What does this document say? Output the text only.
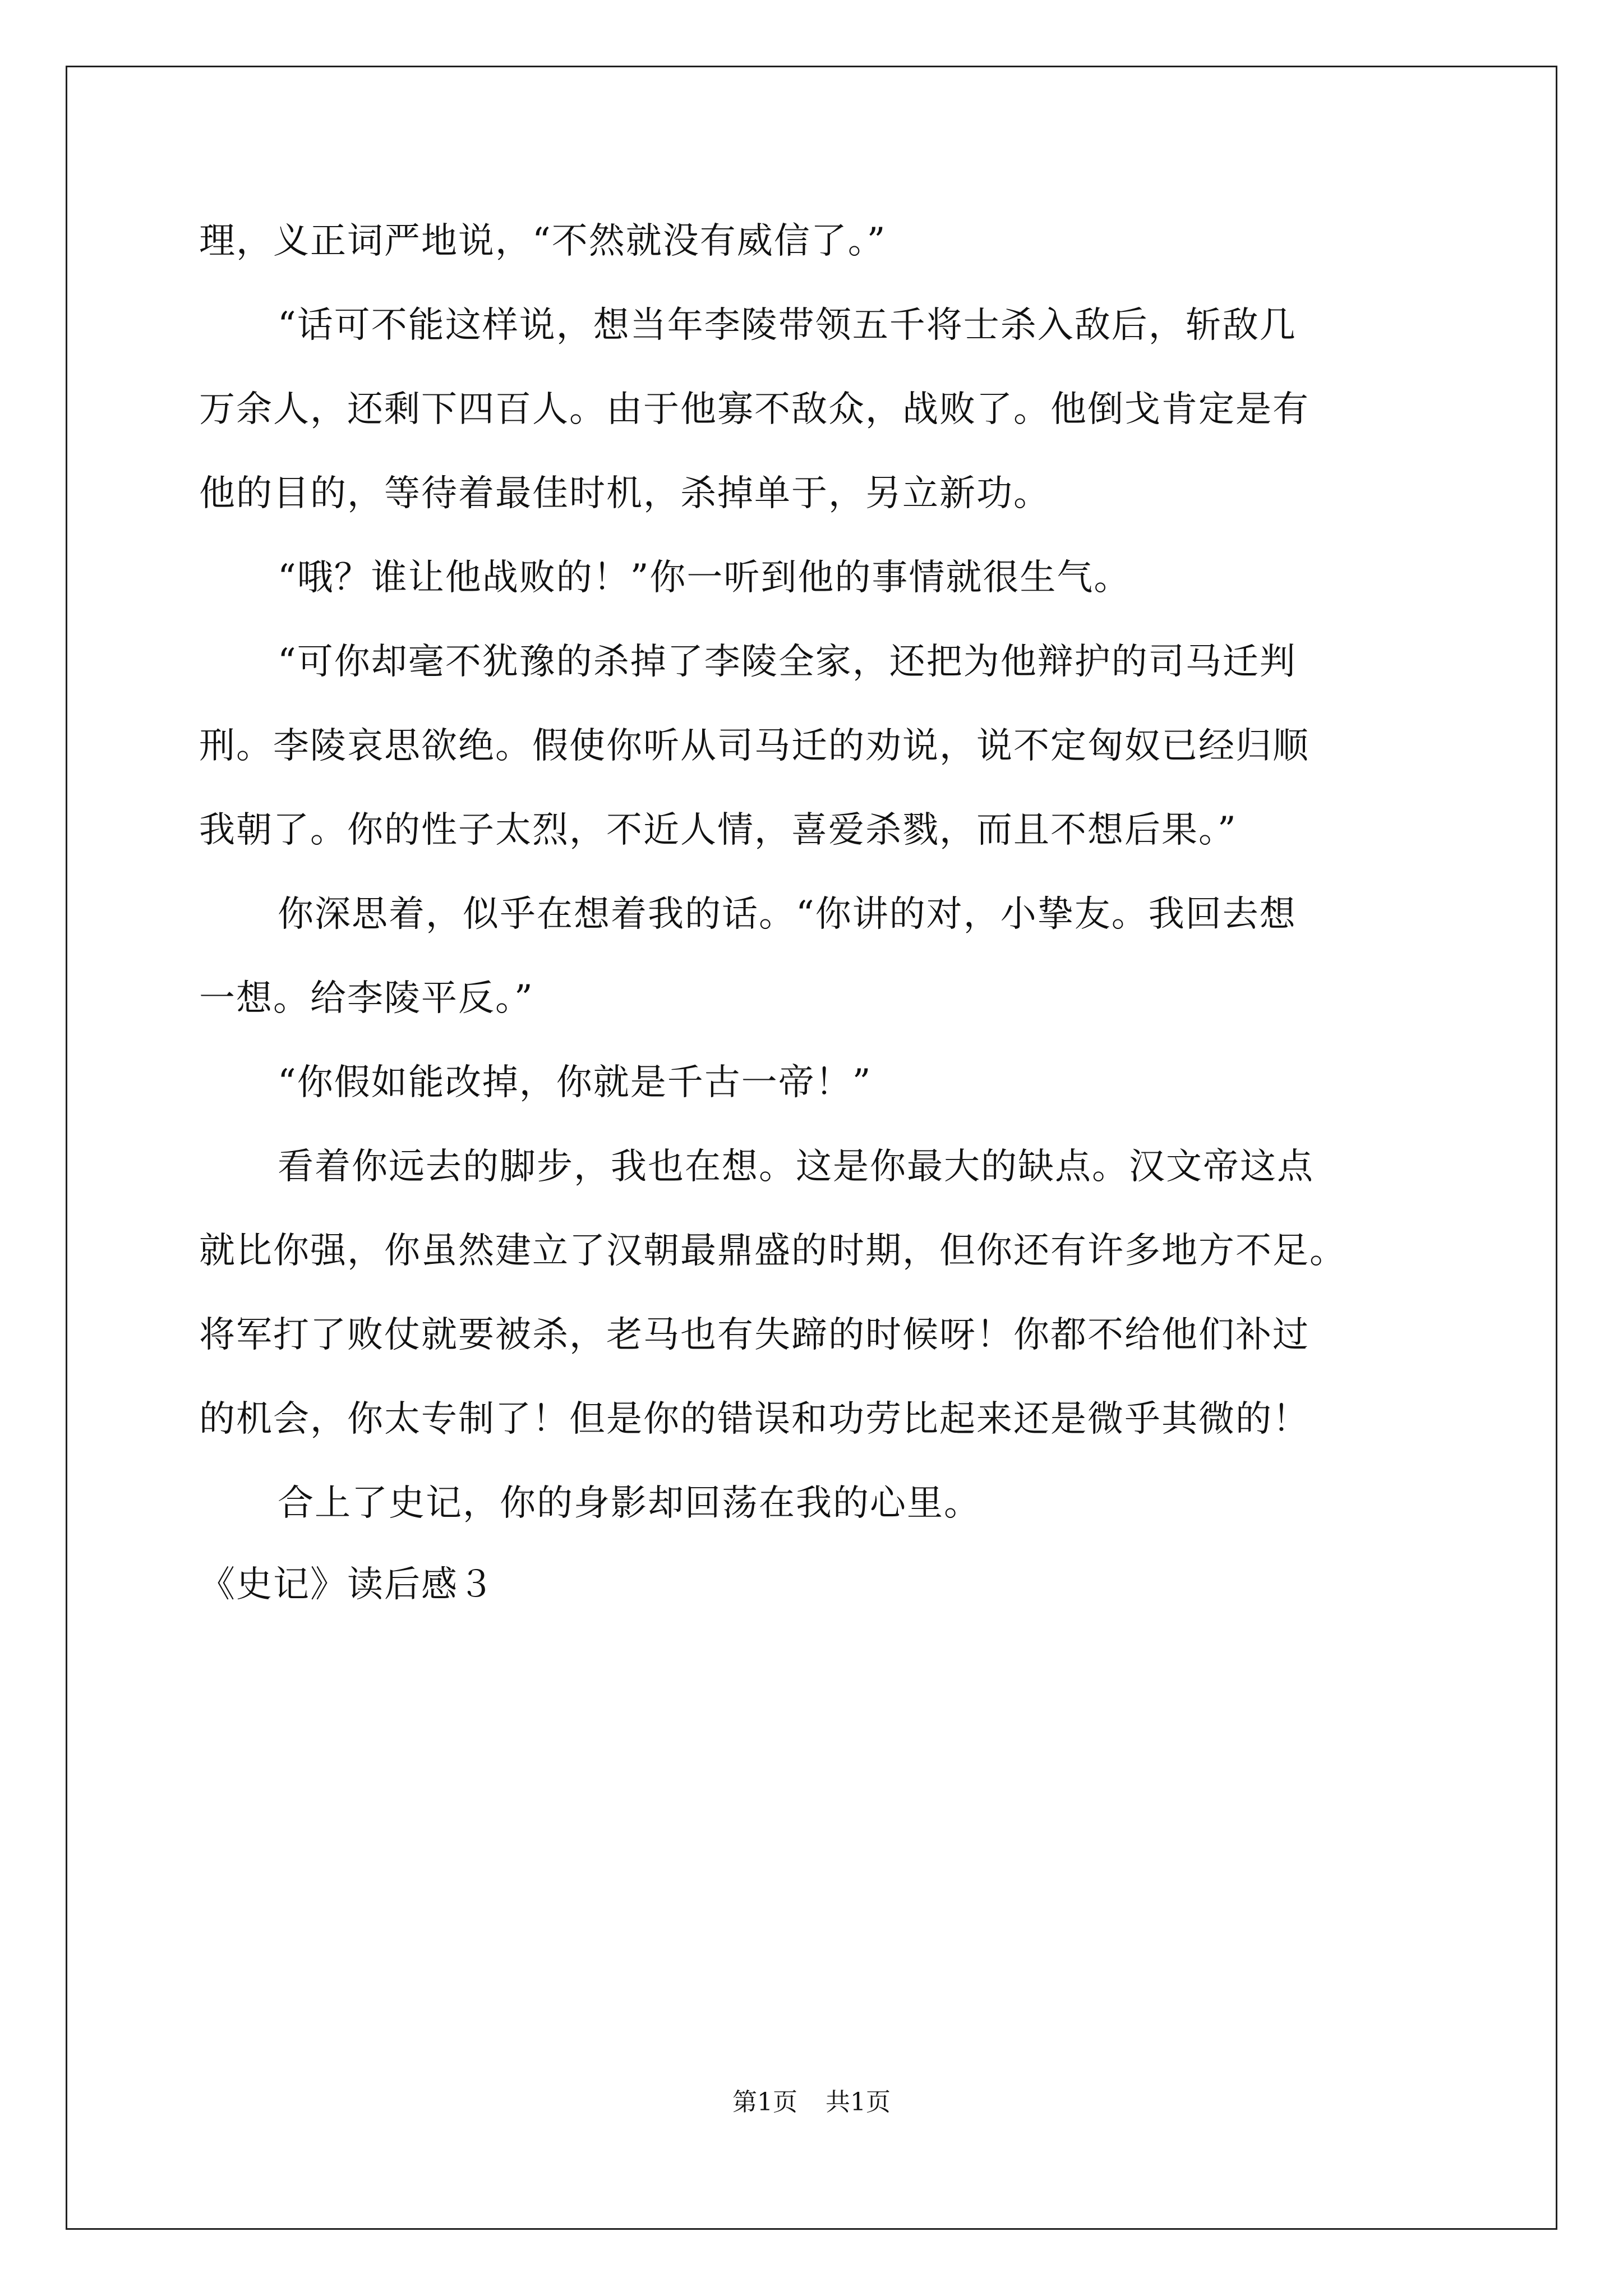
理，义正词严地说，“不然就没有威信了。”
“话可不能这样说，想当年李陵带领五千将士杀入敌后，斩敌几
万余人，还剩下四百人。由于他寡不敌众，战败了。他倒戈肯定是有
他的目的，等待着最佳时机，杀掉单于，另立新功。
“哦？谁让他战败的！”你一听到他的事情就很生气。
“可你却毫不犹豫的杀掉了李陵全家，还把为他辩护的司马迁判
刑。李陵哀思欲绝。假使你听从司马迁的劝说，说不定匈奴已经归顺
我朝了。你的性子太烈，不近人情，喜爱杀戮，而且不想后果。”
你深思着，似乎在想着我的话。“你讲的对，小挚友。我回去想
一想。给李陵平反。”
“你假如能改掉，你就是千古一帝！”
看着你远去的脚步，我也在想。这是你最大的缺点。汉文帝这点
就比你强，你虽然建立了汉朝最鼎盛的时期，但你还有许多地方不足。
将军打了败仗就要被杀，老马也有失蹄的时候呀！你都不给他们补过
的机会，你太专制了！但是你的错误和功劳比起来还是微乎其微的！
合上了史记，你的身影却回荡在我的心里。
《史记》读后感３
第1页 共1页
